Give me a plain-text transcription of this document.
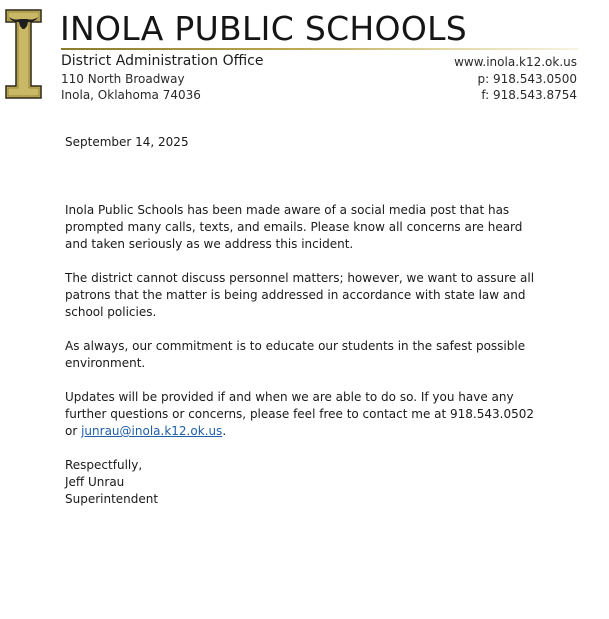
INOLA PUBLIC SCHOOLS
District Administration Office
110 North Broadway
Inola, Oklahoma 74036
www.inola.k12.ok.us
p: 918.543.0500
f: 918.543.8754

September 14, 2025

Inola Public Schools has been made aware of a social media post that has prompted many calls, texts, and emails. Please know all concerns are heard and taken seriously as we address this incident.

The district cannot discuss personnel matters; however, we want to assure all patrons that the matter is being addressed in accordance with state law and school policies.

As always, our commitment is to educate our students in the safest possible environment.

Updates will be provided if and when we are able to do so. If you have any further questions or concerns, please feel free to contact me at 918.543.0502 or junrau@inola.k12.ok.us.

Respectfully,
Jeff Unrau
Superintendent
